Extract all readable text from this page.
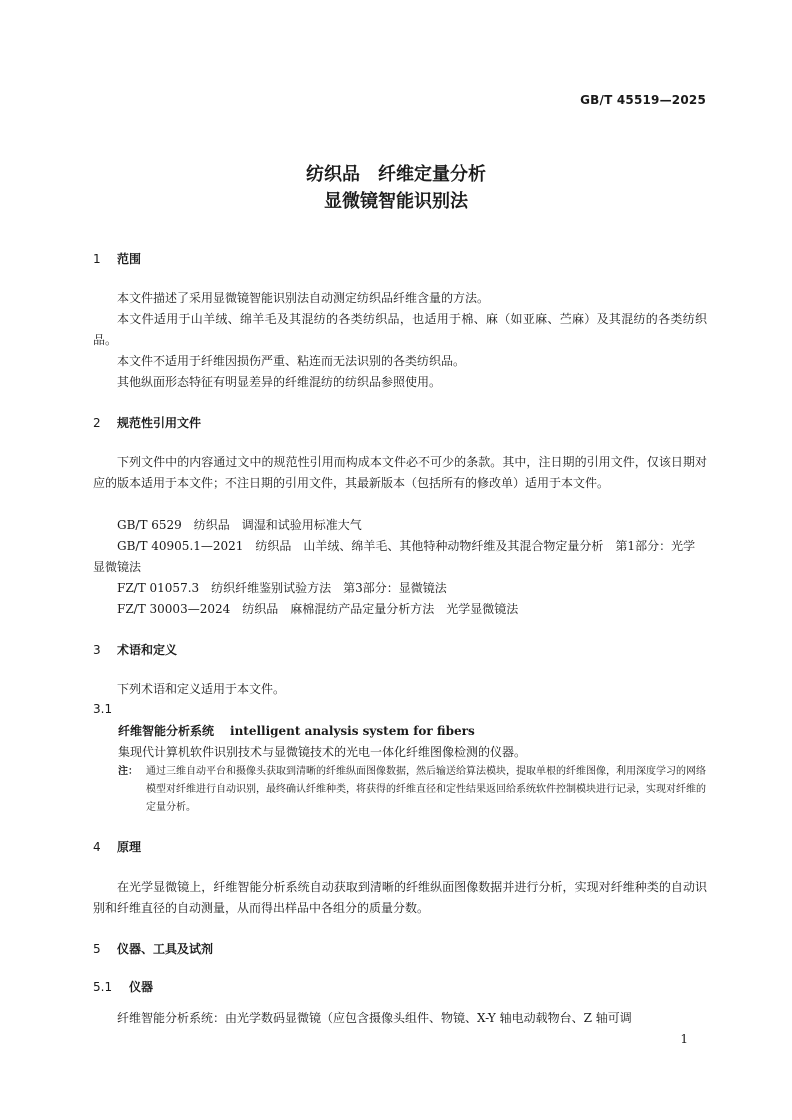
GB/T 45519—2025
纺织品　纤维定量分析
显微镜智能识别法
1 范围
本文件描述了采用显微镜智能识别法自动测定纺织品纤维含量的方法。
本文件适用于山羊绒、绵羊毛及其混纺的各类纺织品，也适用于棉、麻（如亚麻、苎麻）及其混纺的各类纺织品。
本文件不适用于纤维因损伤严重、粘连而无法识别的各类纺织品。
其他纵面形态特征有明显差异的纤维混纺的纺织品参照使用。
2 规范性引用文件
下列文件中的内容通过文中的规范性引用而构成本文件必不可少的条款。其中，注日期的引用文件，仅该日期对应的版本适用于本文件；不注日期的引用文件，其最新版本（包括所有的修改单）适用于本文件。
GB/T 6529　纺织品　调湿和试验用标准大气
GB/T 40905.1—2021　纺织品　山羊绒、绵羊毛、其他特种动物纤维及其混合物定量分析　第1部分：光学显微镜法
FZ/T 01057.3　纺织纤维鉴别试验方法　第3部分：显微镜法
FZ/T 30003—2024　纺织品　麻棉混纺产品定量分析方法　光学显微镜法
3 术语和定义
下列术语和定义适用于本文件。
3.1
纤维智能分析系统 intelligent analysis system for fibers
集现代计算机软件识别技术与显微镜技术的光电一体化纤维图像检测的仪器。
注： 通过三维自动平台和摄像头获取到清晰的纤维纵面图像数据，然后输送给算法模块，提取单根的纤维图像，利用深度学习的网络模型对纤维进行自动识别，最终确认纤维种类，将获得的纤维直径和定性结果返回给系统软件控制模块进行记录，实现对纤维的定量分析。
4 原理
在光学显微镜上，纤维智能分析系统自动获取到清晰的纤维纵面图像数据并进行分析，实现对纤维种类的自动识别和纤维直径的自动测量，从而得出样品中各组分的质量分数。
5 仪器、工具及试剂
5.1 仪器
纤维智能分析系统：由光学数码显微镜（应包含摄像头组件、物镜、X-Y 轴电动载物台、Z 轴可调
1
